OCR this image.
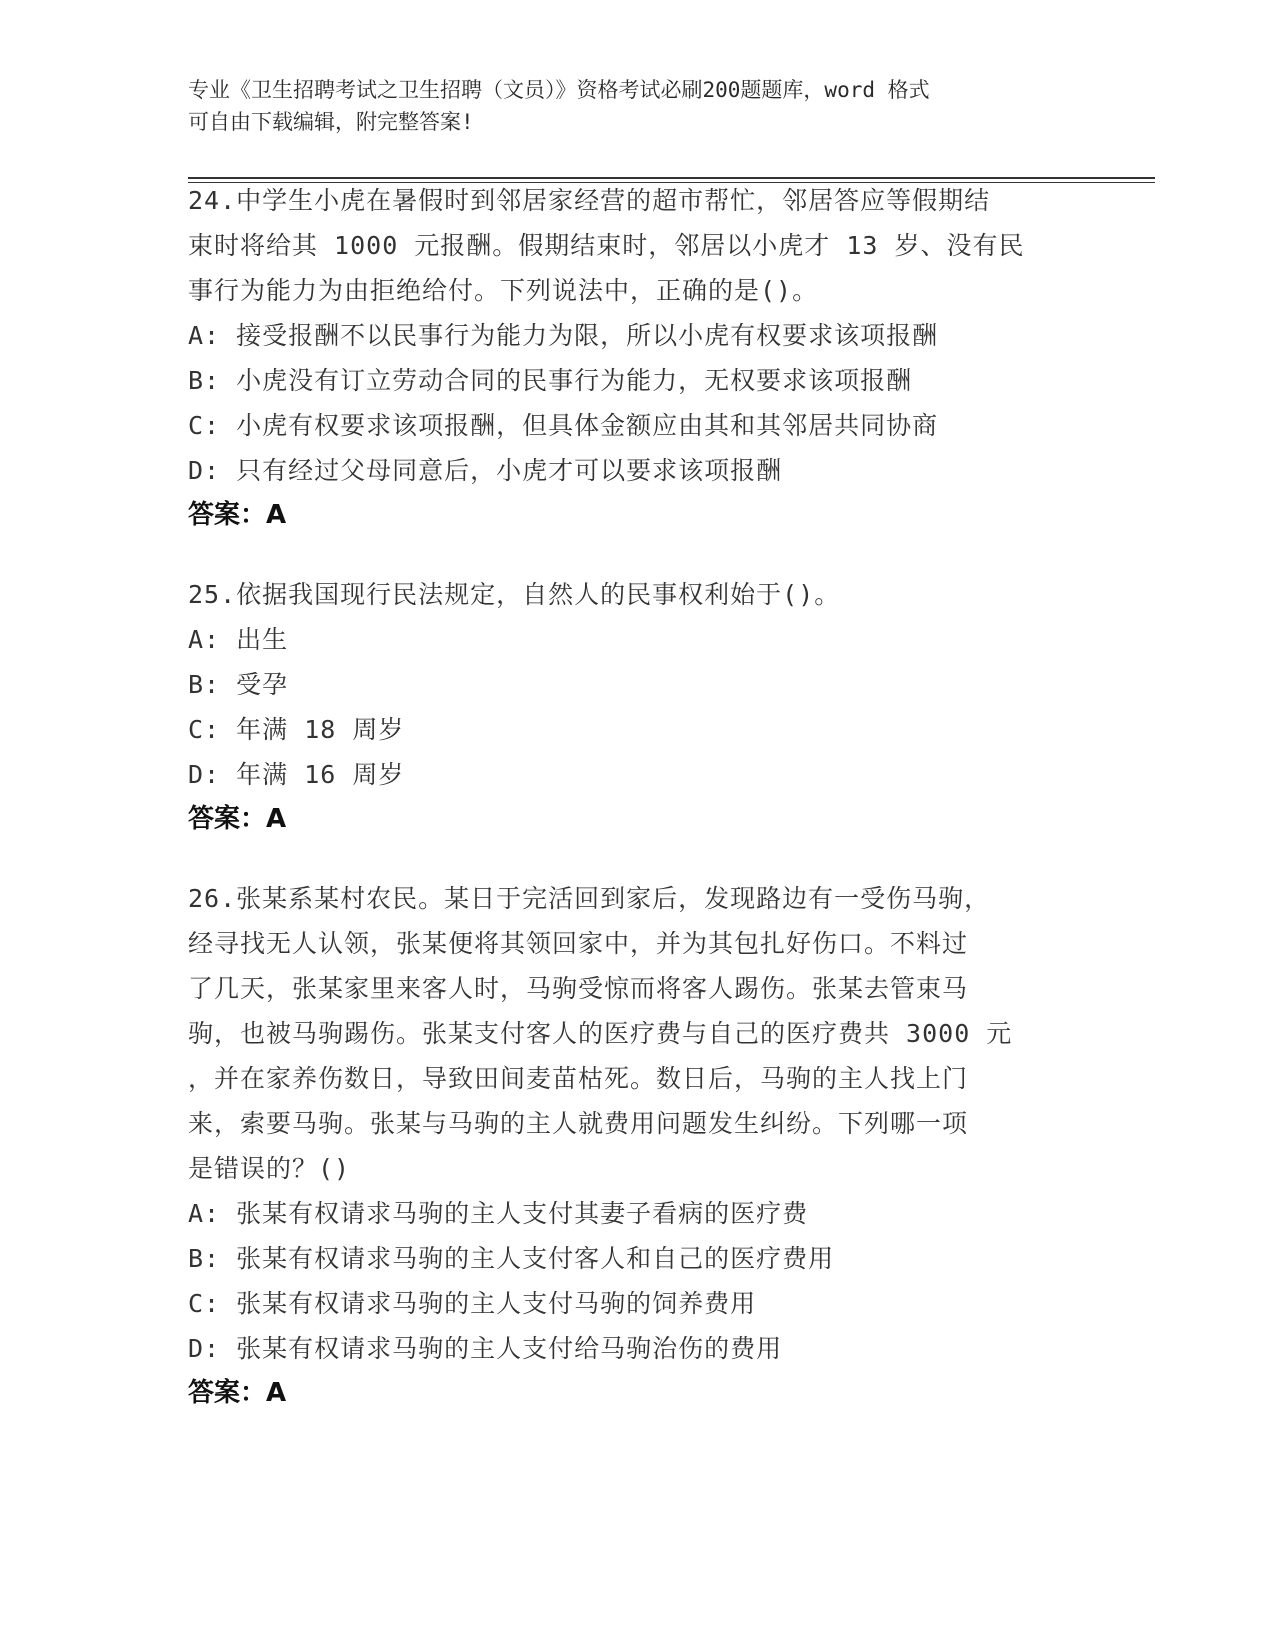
专业《卫生招聘考试之卫生招聘（文员）》资格考试必刷200题题库，word 格式
可自由下载编辑，附完整答案!
24.中学生小虎在暑假时到邻居家经营的超市帮忙，邻居答应等假期结
束时将给其 1000 元报酬。假期结束时，邻居以小虎才 13 岁、没有民
事行为能力为由拒绝给付。下列说法中，正确的是()。
A: 接受报酬不以民事行为能力为限，所以小虎有权要求该项报酬
B: 小虎没有订立劳动合同的民事行为能力，无权要求该项报酬
C: 小虎有权要求该项报酬，但具体金额应由其和其邻居共同协商
D: 只有经过父母同意后，小虎才可以要求该项报酬
答案：A
25.依据我国现行民法规定，自然人的民事权利始于()。
A: 出生
B: 受孕
C: 年满 18 周岁
D: 年满 16 周岁
答案：A
26.张某系某村农民。某日于完活回到家后，发现路边有一受伤马驹，
经寻找无人认领，张某便将其领回家中，并为其包扎好伤口。不料过
了几天，张某家里来客人时，马驹受惊而将客人踢伤。张某去管束马
驹，也被马驹踢伤。张某支付客人的医疗费与自己的医疗费共 3000 元
，并在家养伤数日，导致田间麦苗枯死。数日后，马驹的主人找上门
来，索要马驹。张某与马驹的主人就费用问题发生纠纷。下列哪一项
是错误的？()
A: 张某有权请求马驹的主人支付其妻子看病的医疗费
B: 张某有权请求马驹的主人支付客人和自己的医疗费用
C: 张某有权请求马驹的主人支付马驹的饲养费用
D: 张某有权请求马驹的主人支付给马驹治伤的费用
答案：A
